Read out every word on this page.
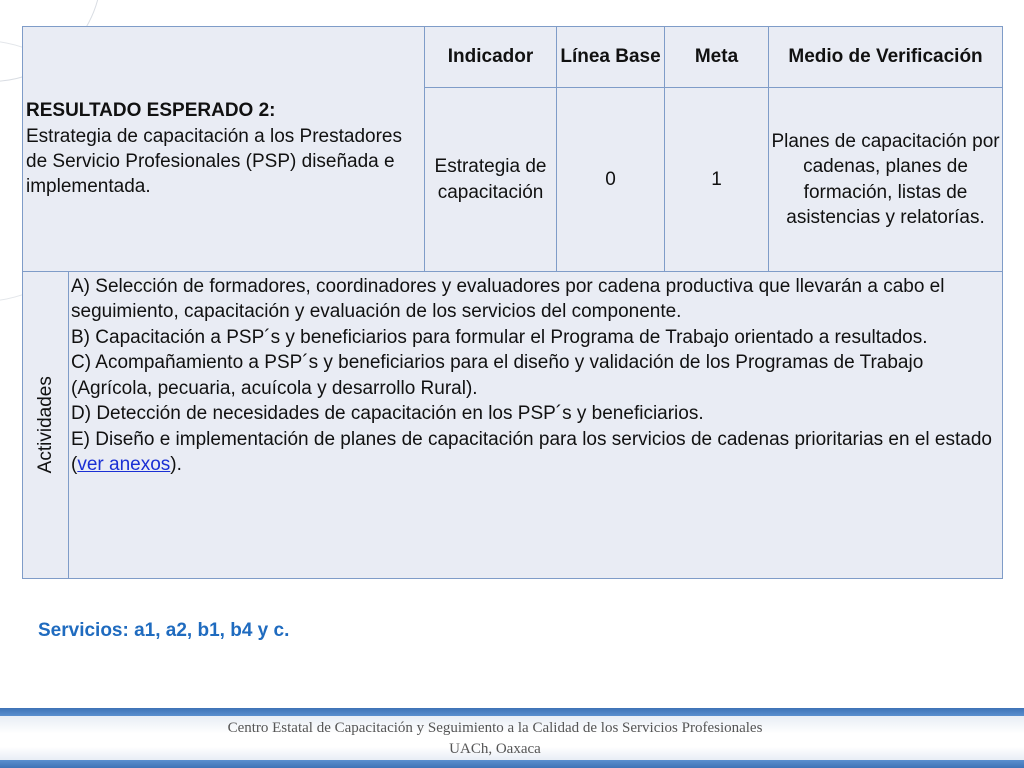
RESULTADO ESPERADO 2:
Estrategia de capacitación a los Prestadores de Servicio Profesionales (PSP) diseñada e implementada.		Indicador	Línea Base	Meta	Medio de Verificación
		Estrategia de capacitación	0	1	Planes de capacitación por cadenas, planes de formación, listas de asistencias y relatorías.

Actividades	A) Selección de formadores, coordinadores y evaluadores por cadena productiva que llevarán a cabo el seguimiento, capacitación y evaluación de los servicios del componente.
B) Capacitación a PSP´s y beneficiarios para formular el Programa de Trabajo orientado a resultados.
C) Acompañamiento a PSP´s y beneficiarios para el diseño y validación de los Programas de Trabajo (Agrícola, pecuaria, acuícola y desarrollo Rural).
D) Detección de necesidades de capacitación en los PSP´s y beneficiarios.
E) Diseño e implementación de planes de capacitación para los servicios de cadenas prioritarias en el estado (ver anexos).				
Servicios: a1, a2, b1, b4 y c.
Centro Estatal de Capacitación y Seguimiento a la Calidad de los Servicios Profesionales
UACh, Oaxaca
